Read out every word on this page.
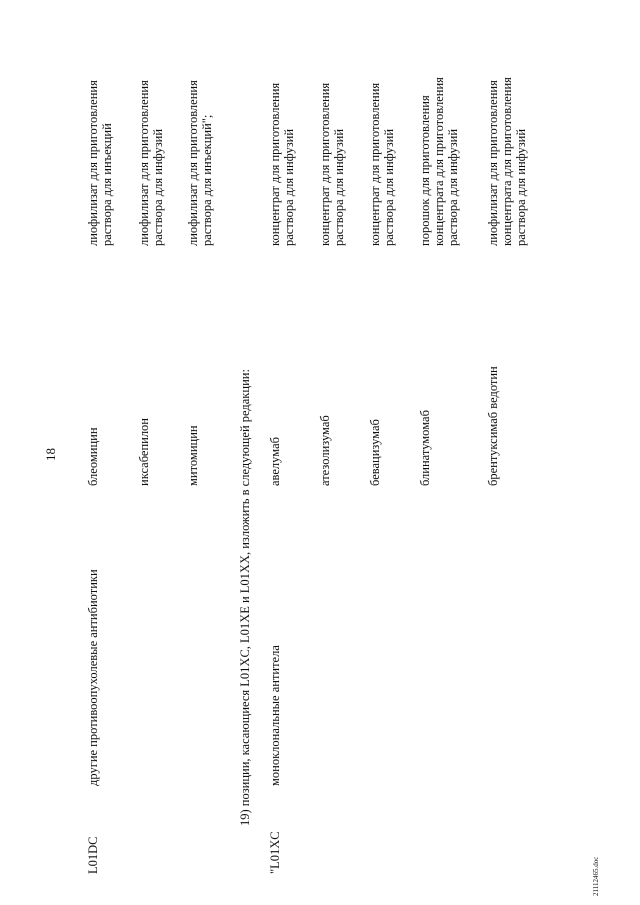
18
L01DC
другие противоопухолевые антибиотики
блеомицин
лиофилизат для приготовления
раствора для инъекций
иксабепилон
лиофилизат для приготовления
раствора для инфузий
митомицин
лиофилизат для приготовления
раствора для инъекций";
19) позиции, касающиеся L01XC, L01XE и L01XX, изложить в следующей редакции:
"L01XC
моноклональные антитела
авелумаб
концентрат для приготовления
раствора для инфузий
атезолизумаб
концентрат для приготовления
раствора для инфузий
бевацизумаб
концентрат для приготовления
раствора для инфузий
блинатумомаб
порошок для приготовления
концентрата для приготовления
раствора для инфузий
брентуксимаб ведотин
лиофилизат для приготовления
концентрата для приготовления
раствора для инфузий
21112465.doc
